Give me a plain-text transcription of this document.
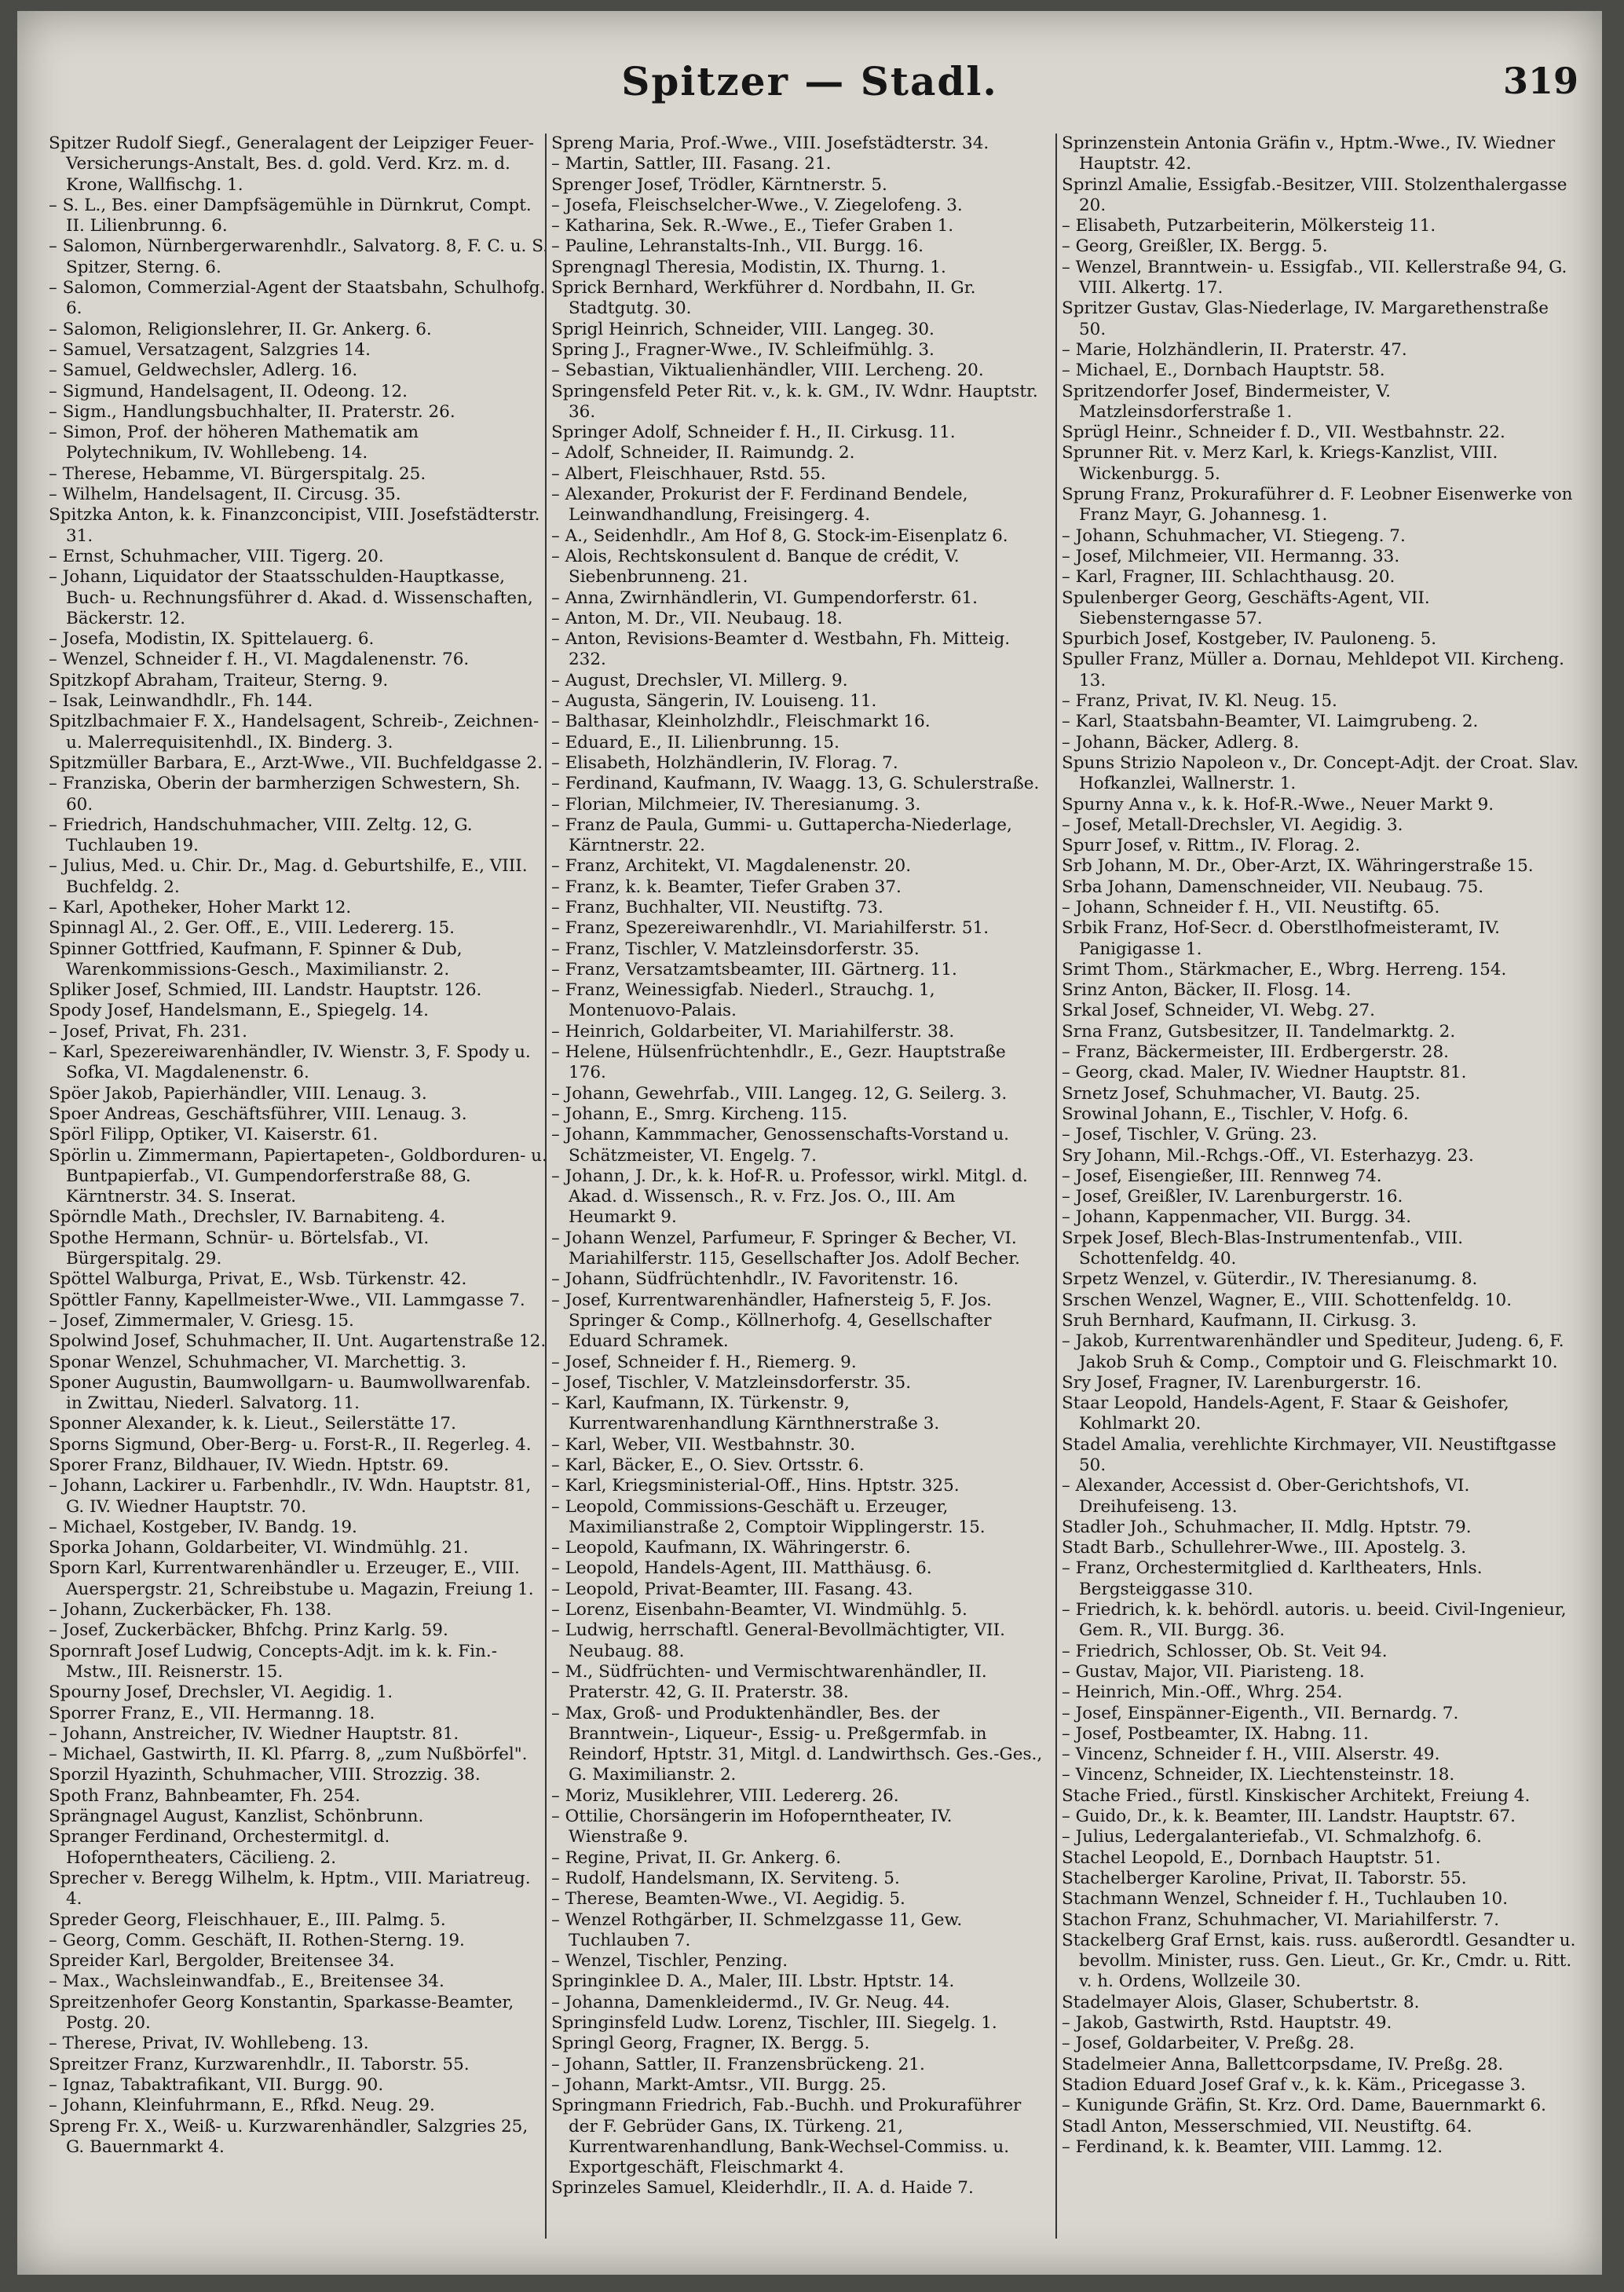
Spitzer — Stadl.	319

Spitzer Rudolf Siegf., Generalagent der Leipziger Feuer-Versicherungs-Anstalt, Bes. d. gold. Verd. Krz. m. d. Krone, Wallfischg. 1.

– S. L., Bes. einer Dampfsägemühle in Dürnkrut, Compt. II. Lilienbrunng. 6.

– Salomon, Nürnbergerwarenhdlr., Salvatorg. 8, F. C. u. S. Spitzer, Sterng. 6.

– Salomon, Commerzial-Agent der Staatsbahn, Schulhofg. 6.

– Salomon, Religionslehrer, II. Gr. Ankerg. 6.

– Samuel, Versatzagent, Salzgries 14.

– Samuel, Geldwechsler, Adlerg. 16.

– Sigmund, Handelsagent, II. Odeong. 12.

– Sigm., Handlungsbuchhalter, II. Praterstr. 26.

– Simon, Prof. der höheren Mathematik am Polytechnikum, IV. Wohllebeng. 14.

– Therese, Hebamme, VI. Bürgerspitalg. 25.

– Wilhelm, Handelsagent, II. Circusg. 35.

Spitzka Anton, k. k. Finanzconcipist, VIII. Josefstädterstr. 31.

– Ernst, Schuhmacher, VIII. Tigerg. 20.

– Johann, Liquidator der Staatsschulden-Hauptkasse, Buch- u. Rechnungsführer d. Akad. d. Wissenschaften, Bäckerstr. 12.

– Josefa, Modistin, IX. Spittelauerg. 6.

– Wenzel, Schneider f. H., VI. Magdalenenstr. 76.

Spitzkopf Abraham, Traiteur, Sterng. 9.

– Isak, Leinwandhdlr., Fh. 144.

Spitzlbachmaier F. X., Handelsagent, Schreib-, Zeichnen- u. Malerrequisitenhdl., IX. Binderg. 3.

Spitzmüller Barbara, E., Arzt-Wwe., VII. Buchfeldgasse 2.

– Franziska, Oberin der barmherzigen Schwestern, Sh. 60.

– Friedrich, Handschuhmacher, VIII. Zeltg. 12, G. Tuchlauben 19.

– Julius, Med. u. Chir. Dr., Mag. d. Geburtshilfe, E., VIII. Buchfeldg. 2.

– Karl, Apotheker, Hoher Markt 12.

Spinnagl Al., 2. Ger. Off., E., VIII. Ledererg. 15.

Spinner Gottfried, Kaufmann, F. Spinner & Dub, Warenkommissions-Gesch., Maximilianstr. 2.

Spliker Josef, Schmied, III. Landstr. Hauptstr. 126.

Spody Josef, Handelsmann, E., Spiegelg. 14.

– Josef, Privat, Fh. 231.

– Karl, Spezereiwarenhändler, IV. Wienstr. 3, F. Spody u. Sofka, VI. Magdalenenstr. 6.

Spöer Jakob, Papierhändler, VIII. Lenaug. 3.

Spoer Andreas, Geschäftsführer, VIII. Lenaug. 3.

Spörl Filipp, Optiker, VI. Kaiserstr. 61.

Spörlin u. Zimmermann, Papiertapeten-, Goldborduren- u. Buntpapierfab., VI. Gumpendorferstraße 88, G. Kärntnerstr. 34. S. Inserat.

Spörndle Math., Drechsler, IV. Barnabiteng. 4.

Spothe Hermann, Schnür- u. Börtelsfab., VI. Bürgerspitalg. 29.

Spöttel Walburga, Privat, E., Wsb. Türkenstr. 42.

Spöttler Fanny, Kapellmeister-Wwe., VII. Lammgasse 7.

– Josef, Zimmermaler, V. Griesg. 15.

Spolwind Josef, Schuhmacher, II. Unt. Augartenstraße 12.

Sponar Wenzel, Schuhmacher, VI. Marchettig. 3.

Sponer Augustin, Baumwollgarn- u. Baumwollwarenfab. in Zwittau, Niederl. Salvatorg. 11.

Sponner Alexander, k. k. Lieut., Seilerstätte 17.

Sporns Sigmund, Ober-Berg- u. Forst-R., II. Regerleg. 4.

Sporer Franz, Bildhauer, IV. Wiedn. Hptstr. 69.

– Johann, Lackirer u. Farbenhdlr., IV. Wdn. Hauptstr. 81, G. IV. Wiedner Hauptstr. 70.

– Michael, Kostgeber, IV. Bandg. 19.

Sporka Johann, Goldarbeiter, VI. Windmühlg. 21.

Sporn Karl, Kurrentwarenhändler u. Erzeuger, E., VIII. Auerspergstr. 21, Schreibstube u. Magazin, Freiung 1.

– Johann, Zuckerbäcker, Fh. 138.

– Josef, Zuckerbäcker, Bhfchg. Prinz Karlg. 59.

Spornraft Josef Ludwig, Concepts-Adjt. im k. k. Fin.-Mstw., III. Reisnerstr. 15.

Spourny Josef, Drechsler, VI. Aegidig. 1.

Sporrer Franz, E., VII. Hermanng. 18.

– Johann, Anstreicher, IV. Wiedner Hauptstr. 81.

– Michael, Gastwirth, II. Kl. Pfarrg. 8, „zum Nußbörfel".

Sporzil Hyazinth, Schuhmacher, VIII. Strozzig. 38.

Spoth Franz, Bahnbeamter, Fh. 254.

Sprängnagel August, Kanzlist, Schönbrunn.

Spranger Ferdinand, Orchestermitgl. d. Hofoperntheaters, Cäcilieng. 2.

Sprecher v. Beregg Wilhelm, k. Hptm., VIII. Mariatreug. 4.

Spreder Georg, Fleischhauer, E., III. Palmg. 5.

– Georg, Comm. Geschäft, II. Rothen-Sterng. 19.

Spreider Karl, Bergolder, Breitensee 34.

– Max., Wachsleinwandfab., E., Breitensee 34.

Spreitzenhofer Georg Konstantin, Sparkasse-Beamter, Postg. 20.

– Therese, Privat, IV. Wohllebeng. 13.

Spreitzer Franz, Kurzwarenhdlr., II. Taborstr. 55.

– Ignaz, Tabaktrafikant, VII. Burgg. 90.

– Johann, Kleinfuhrmann, E., Rfkd. Neug. 29.

Spreng Fr. X., Weiß- u. Kurzwarenhändler, Salzgries 25, G. Bauernmarkt 4.

Spreng Maria, Prof.-Wwe., VIII. Josefstädterstr. 34.

– Martin, Sattler, III. Fasang. 21.

Sprenger Josef, Trödler, Kärntnerstr. 5.

– Josefa, Fleischselcher-Wwe., V. Ziegelofeng. 3.

– Katharina, Sek. R.-Wwe., E., Tiefer Graben 1.

– Pauline, Lehranstalts-Inh., VII. Burgg. 16.

Sprengnagl Theresia, Modistin, IX. Thurng. 1.

Sprick Bernhard, Werkführer d. Nordbahn, II. Gr. Stadtgutg. 30.

Sprigl Heinrich, Schneider, VIII. Langeg. 30.

Spring J., Fragner-Wwe., IV. Schleifmühlg. 3.

– Sebastian, Viktualienhändler, VIII. Lercheng. 20.

Springensfeld Peter Rit. v., k. k. GM., IV. Wdnr. Hauptstr. 36.

Springer Adolf, Schneider f. H., II. Cirkusg. 11.

– Adolf, Schneider, II. Raimundg. 2.

– Albert, Fleischhauer, Rstd. 55.

– Alexander, Prokurist der F. Ferdinand Bendele, Leinwandhandlung, Freisingerg. 4.

– A., Seidenhdlr., Am Hof 8, G. Stock-im-Eisenplatz 6.

– Alois, Rechtskonsulent d. Banque de crédit, V. Siebenbrunneng. 21.

– Anna, Zwirnhändlerin, VI. Gumpendorferstr. 61.

– Anton, M. Dr., VII. Neubaug. 18.

– Anton, Revisions-Beamter d. Westbahn, Fh. Mitteig. 232.

– August, Drechsler, VI. Millerg. 9.

– Augusta, Sängerin, IV. Louiseng. 11.

– Balthasar, Kleinholzhdlr., Fleischmarkt 16.

– Eduard, E., II. Lilienbrunng. 15.

– Elisabeth, Holzhändlerin, IV. Florag. 7.

– Ferdinand, Kaufmann, IV. Waagg. 13, G. Schulerstraße.

– Florian, Milchmeier, IV. Theresianumg. 3.

– Franz de Paula, Gummi- u. Guttapercha-Niederlage, Kärntnerstr. 22.

– Franz, Architekt, VI. Magdalenenstr. 20.

– Franz, k. k. Beamter, Tiefer Graben 37.

– Franz, Buchhalter, VII. Neustiftg. 73.

– Franz, Spezereiwarenhdlr., VI. Mariahilferstr. 51.

– Franz, Tischler, V. Matzleinsdorferstr. 35.

– Franz, Versatzamtsbeamter, III. Gärtnerg. 11.

– Franz, Weinessigfab. Niederl., Strauchg. 1, Montenuovo-Palais.

– Heinrich, Goldarbeiter, VI. Mariahilferstr. 38.

– Helene, Hülsenfrüchtenhdlr., E., Gezr. Hauptstraße 176.

– Johann, Gewehrfab., VIII. Langeg. 12, G. Seilerg. 3.

– Johann, E., Smrg. Kircheng. 115.

– Johann, Kammmacher, Genossenschafts-Vorstand u. Schätzmeister, VI. Engelg. 7.

– Johann, J. Dr., k. k. Hof-R. u. Professor, wirkl. Mitgl. d. Akad. d. Wissensch., R. v. Frz. Jos. O., III. Am Heumarkt 9.

– Johann Wenzel, Parfumeur, F. Springer & Becher, VI. Mariahilferstr. 115, Gesellschafter Jos. Adolf Becher.

– Johann, Südfrüchtenhdlr., IV. Favoritenstr. 16.

– Josef, Kurrentwarenhändler, Hafnersteig 5, F. Jos. Springer & Comp., Köllnerhofg. 4, Gesellschafter Eduard Schramek.

– Josef, Schneider f. H., Riemerg. 9.

– Josef, Tischler, V. Matzleinsdorferstr. 35.

– Karl, Kaufmann, IX. Türkenstr. 9, Kurrentwarenhandlung Kärnthnerstraße 3.

– Karl, Weber, VII. Westbahnstr. 30.

– Karl, Bäcker, E., O. Siev. Ortsstr. 6.

– Karl, Kriegsministerial-Off., Hins. Hptstr. 325.

– Leopold, Commissions-Geschäft u. Erzeuger, Maximilianstraße 2, Comptoir Wipplingerstr. 15.

– Leopold, Kaufmann, IX. Währingerstr. 6.

– Leopold, Handels-Agent, III. Matthäusg. 6.

– Leopold, Privat-Beamter, III. Fasang. 43.

– Lorenz, Eisenbahn-Beamter, VI. Windmühlg. 5.

– Ludwig, herrschaftl. General-Bevollmächtigter, VII. Neubaug. 88.

– M., Südfrüchten- und Vermischtwarenhändler, II. Praterstr. 42, G. II. Praterstr. 38.

– Max, Groß- und Produktenhändler, Bes. der Branntwein-, Liqueur-, Essig- u. Preßgermfab. in Reindorf, Hptstr. 31, Mitgl. d. Landwirthsch. Ges.-Ges., G. Maximilianstr. 2.

– Moriz, Musiklehrer, VIII. Ledererg. 26.

– Ottilie, Chorsängerin im Hofoperntheater, IV. Wienstraße 9.

– Regine, Privat, II. Gr. Ankerg. 6.

– Rudolf, Handelsmann, IX. Serviteng. 5.

– Therese, Beamten-Wwe., VI. Aegidig. 5.

– Wenzel Rothgärber, II. Schmelzgasse 11, Gew. Tuchlauben 7.

– Wenzel, Tischler, Penzing.

Springinklee D. A., Maler, III. Lbstr. Hptstr. 14.

– Johanna, Damenkleidermd., IV. Gr. Neug. 44.

Springinsfeld Ludw. Lorenz, Tischler, III. Siegelg. 1.

Springl Georg, Fragner, IX. Bergg. 5.

– Johann, Sattler, II. Franzensbrückeng. 21.

– Johann, Markt-Amtsr., VII. Burgg. 25.

Springmann Friedrich, Fab.-Buchh. und Prokuraführer der F. Gebrüder Gans, IX. Türkeng. 21, Kurrentwarenhandlung, Bank-Wechsel-Commiss. u. Exportgeschäft, Fleischmarkt 4.

Sprinzeles Samuel, Kleiderhdlr., II. A. d. Haide 7.

Sprinzenstein Antonia Gräfin v., Hptm.-Wwe., IV. Wiedner Hauptstr. 42.

Sprinzl Amalie, Essigfab.-Besitzer, VIII. Stolzenthalergasse 20.

– Elisabeth, Putzarbeiterin, Mölkersteig 11.

– Georg, Greißler, IX. Bergg. 5.

– Wenzel, Branntwein- u. Essigfab., VII. Kellerstraße 94, G. VIII. Alkertg. 17.

Spritzer Gustav, Glas-Niederlage, IV. Margarethenstraße 50.

– Marie, Holzhändlerin, II. Praterstr. 47.

– Michael, E., Dornbach Hauptstr. 58.

Spritzendorfer Josef, Bindermeister, V. Matzleinsdorferstraße 1.

Sprügl Heinr., Schneider f. D., VII. Westbahnstr. 22.

Sprunner Rit. v. Merz Karl, k. Kriegs-Kanzlist, VIII. Wickenburgg. 5.

Sprung Franz, Prokuraführer d. F. Leobner Eisenwerke von Franz Mayr, G. Johannesg. 1.

– Johann, Schuhmacher, VI. Stiegeng. 7.

– Josef, Milchmeier, VII. Hermanng. 33.

– Karl, Fragner, III. Schlachthausg. 20.

Spulenberger Georg, Geschäfts-Agent, VII. Siebensterngasse 57.

Spurbich Josef, Kostgeber, IV. Pauloneng. 5.

Spuller Franz, Müller a. Dornau, Mehldepot VII. Kircheng. 13.

– Franz, Privat, IV. Kl. Neug. 15.

– Karl, Staatsbahn-Beamter, VI. Laimgrubeng. 2.

– Johann, Bäcker, Adlerg. 8.

Spuns Strizio Napoleon v., Dr. Concept-Adjt. der Croat. Slav. Hofkanzlei, Wallnerstr. 1.

Spurny Anna v., k. k. Hof-R.-Wwe., Neuer Markt 9.

– Josef, Metall-Drechsler, VI. Aegidig. 3.

Spurr Josef, v. Rittm., IV. Florag. 2.

Srb Johann, M. Dr., Ober-Arzt, IX. Währingerstraße 15.

Srba Johann, Damenschneider, VII. Neubaug. 75.

– Johann, Schneider f. H., VII. Neustiftg. 65.

Srbik Franz, Hof-Secr. d. Oberstlhofmeisteramt, IV. Panigigasse 1.

Srimt Thom., Stärkmacher, E., Wbrg. Herreng. 154.

Srinz Anton, Bäcker, II. Flosg. 14.

Srkal Josef, Schneider, VI. Webg. 27.

Srna Franz, Gutsbesitzer, II. Tandelmarktg. 2.

– Franz, Bäckermeister, III. Erdbergerstr. 28.

– Georg, ckad. Maler, IV. Wiedner Hauptstr. 81.

Srnetz Josef, Schuhmacher, VI. Bautg. 25.

Srowinal Johann, E., Tischler, V. Hofg. 6.

– Josef, Tischler, V. Grüng. 23.

Sry Johann, Mil.-Rchgs.-Off., VI. Esterhazyg. 23.

– Josef, Eisengießer, III. Rennweg 74.

– Josef, Greißler, IV. Larenburgerstr. 16.

– Johann, Kappenmacher, VII. Burgg. 34.

Srpek Josef, Blech-Blas-Instrumentenfab., VIII. Schottenfeldg. 40.

Srpetz Wenzel, v. Güterdir., IV. Theresianumg. 8.

Srschen Wenzel, Wagner, E., VIII. Schottenfeldg. 10.

Sruh Bernhard, Kaufmann, II. Cirkusg. 3.

– Jakob, Kurrentwarenhändler und Spediteur, Judeng. 6, F. Jakob Sruh & Comp., Comptoir und G. Fleischmarkt 10.

Sry Josef, Fragner, IV. Larenburgerstr. 16.

Staar Leopold, Handels-Agent, F. Staar & Geishofer, Kohlmarkt 20.

Stadel Amalia, verehlichte Kirchmayer, VII. Neustiftgasse 50.

– Alexander, Accessist d. Ober-Gerichtshofs, VI. Dreihufeiseng. 13.

Stadler Joh., Schuhmacher, II. Mdlg. Hptstr. 79.

Stadt Barb., Schullehrer-Wwe., III. Apostelg. 3.

– Franz, Orchestermitglied d. Karltheaters, Hnls. Bergsteiggasse 310.

– Friedrich, k. k. behördl. autoris. u. beeid. Civil-Ingenieur, Gem. R., VII. Burgg. 36.

– Friedrich, Schlosser, Ob. St. Veit 94.

– Gustav, Major, VII. Piaristeng. 18.

– Heinrich, Min.-Off., Whrg. 254.

– Josef, Einspänner-Eigenth., VII. Bernardg. 7.

– Josef, Postbeamter, IX. Habng. 11.

– Vincenz, Schneider f. H., VIII. Alserstr. 49.

– Vincenz, Schneider, IX. Liechtensteinstr. 18.

Stache Fried., fürstl. Kinskischer Architekt, Freiung 4.

– Guido, Dr., k. k. Beamter, III. Landstr. Hauptstr. 67.

– Julius, Ledergalanteriefab., VI. Schmalzhofg. 6.

Stachel Leopold, E., Dornbach Hauptstr. 51.

Stachelberger Karoline, Privat, II. Taborstr. 55.

Stachmann Wenzel, Schneider f. H., Tuchlauben 10.

Stachon Franz, Schuhmacher, VI. Mariahilferstr. 7.

Stackelberg Graf Ernst, kais. russ. außerordtl. Gesandter u. bevollm. Minister, russ. Gen. Lieut., Gr. Kr., Cmdr. u. Ritt. v. h. Ordens, Wollzeile 30.

Stadelmayer Alois, Glaser, Schubertstr. 8.

– Jakob, Gastwirth, Rstd. Hauptstr. 49.

– Josef, Goldarbeiter, V. Preßg. 28.

Stadelmeier Anna, Ballettcorpsdame, IV. Preßg. 28.

Stadion Eduard Josef Graf v., k. k. Käm., Pricegasse 3.

– Kunigunde Gräfin, St. Krz. Ord. Dame, Bauernmarkt 6.

Stadl Anton, Messerschmied, VII. Neustiftg. 64.

– Ferdinand, k. k. Beamter, VIII. Lammg. 12.
